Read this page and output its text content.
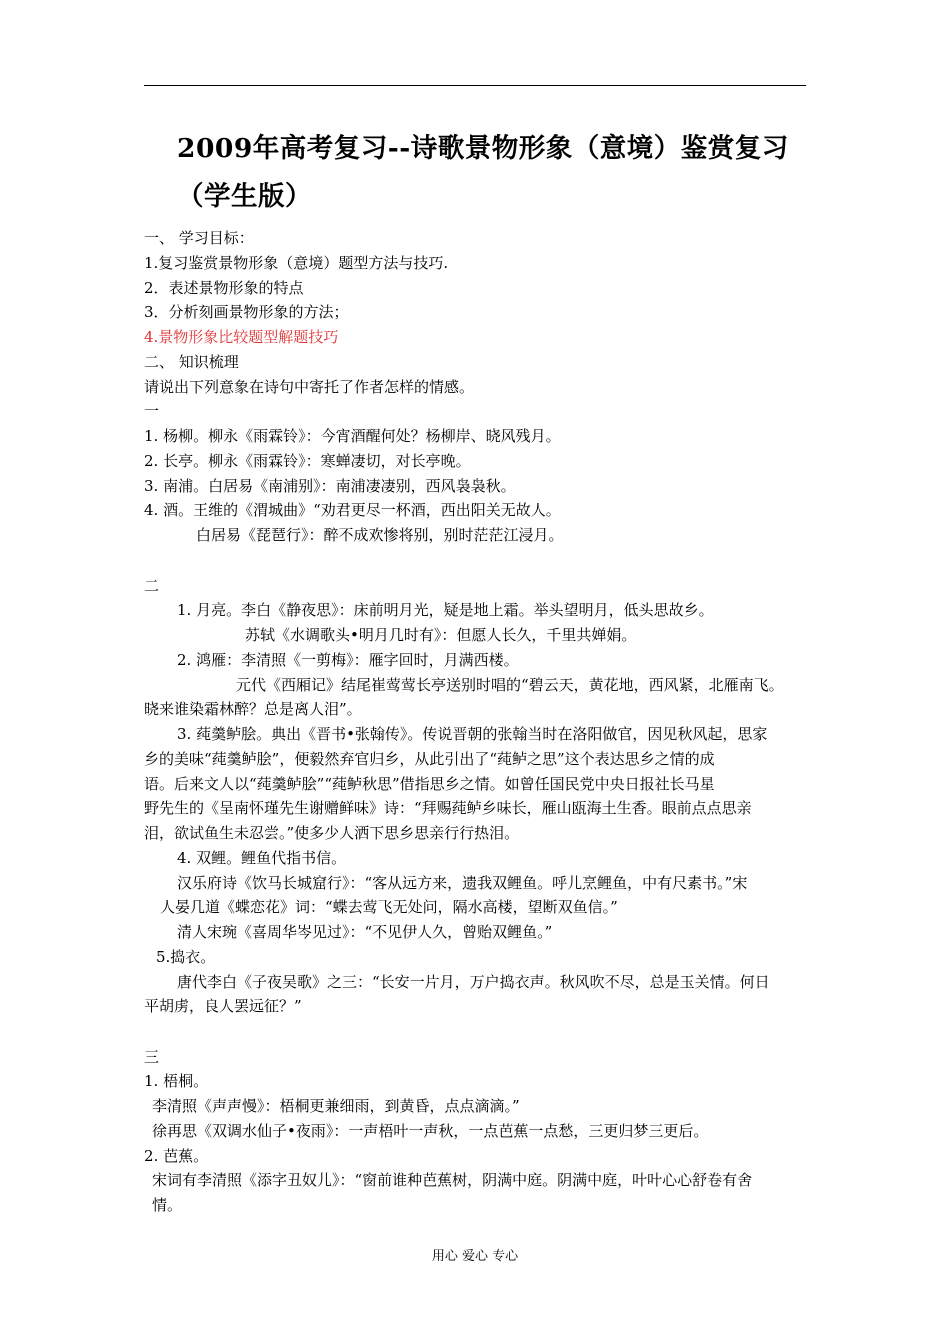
2009年高考复习--诗歌景物形象（意境）鉴赏复习
（学生版）
一、 学习目标：
1.复习鉴赏景物形象（意境）题型方法与技巧.
2．表述景物形象的特点
3．分析刻画景物形象的方法；
4.景物形象比较题型解题技巧
二、 知识梳理
请说出下列意象在诗句中寄托了作者怎样的情感。
一
1. 杨柳。柳永《雨霖铃》：今宵酒醒何处？杨柳岸、晓风残月。
2. 长亭。柳永《雨霖铃》：寒蝉凄切，对长亭晚。
3. 南浦。白居易《南浦别》：南浦凄凄别，西风袅袅秋。
4. 酒。王维的《渭城曲》“劝君更尽一杯酒，西出阳关无故人。
白居易《琵琶行》：醉不成欢惨将别，别时茫茫江浸月。
二
1. 月亮。李白《静夜思》：床前明月光，疑是地上霜。举头望明月，低头思故乡。
苏轼《水调歌头•明月几时有》：但愿人长久，千里共婵娟。
2. 鸿雁：李清照《一剪梅》：雁字回时，月满西楼。
元代《西厢记》结尾崔莺莺长亭送别时唱的“碧云天，黄花地，西风紧，北雁南飞。
晓来谁染霜林醉？总是离人泪”。
3. 莼羹鲈脍。典出《晋书•张翰传》。传说晋朝的张翰当时在洛阳做官，因见秋风起，思家
乡的美味“莼羹鲈脍”，便毅然弃官归乡，从此引出了“莼鲈之思”这个表达思乡之情的成
语。后来文人以“莼羹鲈脍”“莼鲈秋思”借指思乡之情。如曾任国民党中央日报社长马星
野先生的《呈南怀瑾先生谢赠鲜味》诗：“拜赐莼鲈乡味长，雁山瓯海土生香。眼前点点思亲
泪，欲试鱼生未忍尝。”使多少人洒下思乡思亲行行热泪。
4. 双鲤。鲤鱼代指书信。
汉乐府诗《饮马长城窟行》：“客从远方来，遗我双鲤鱼。呼儿烹鲤鱼，中有尺素书。”宋
人晏几道《蝶恋花》词：“蝶去莺飞无处问，隔水高楼，望断双鱼信。”
清人宋琬《喜周华岑见过》：“不见伊人久，曾贻双鲤鱼。”
5.捣衣。
唐代李白《子夜吴歌》之三：“长安一片月，万户捣衣声。秋风吹不尽，总是玉关情。何日
平胡虏，良人罢远征？”
三
1. 梧桐。
李清照《声声慢》：梧桐更兼细雨，到黄昏，点点滴滴。”
徐再思《双调水仙子•夜雨》：一声梧叶一声秋，一点芭蕉一点愁，三更归梦三更后。
2. 芭蕉。
宋词有李清照《添字丑奴儿》：“窗前谁种芭蕉树，阴满中庭。阴满中庭，叶叶心心舒卷有舍
情。
用心 爱心 专心
